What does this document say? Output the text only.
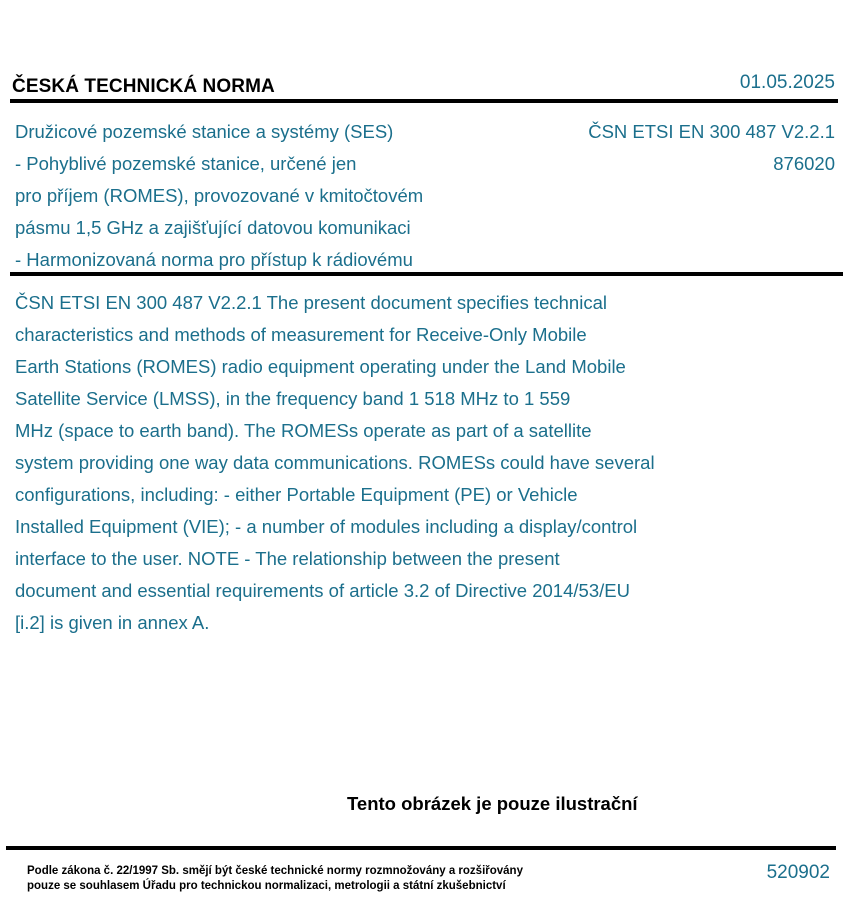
ČESKÁ TECHNICKÁ NORMA	01.05.2025
Družicové pozemské stanice a systémy (SES)
- Pohyblivé pozemské stanice, určené jen
pro příjem (ROMES), provozované v kmitočtovém
pásmu 1,5 GHz a zajišťující datovou komunikaci
- Harmonizovaná norma pro přístup k rádiovému
ČSN ETSI EN 300 487 V2.2.1
876020
ČSN ETSI EN 300 487 V2.2.1 The present document specifies technical
characteristics and methods of measurement for Receive-Only Mobile
Earth Stations (ROMES) radio equipment operating under the Land Mobile
Satellite Service (LMSS), in the frequency band 1 518 MHz to 1 559
MHz (space to earth band). The ROMESs operate as part of a satellite
system providing one way data communications. ROMESs could have several
configurations, including: - either Portable Equipment (PE) or Vehicle
Installed Equipment (VIE); - a number of modules including a display/control
interface to the user. NOTE - The relationship between the present
document and essential requirements of article 3.2 of Directive 2014/53/EU
[i.2] is given in annex A.
Tento obrázek je pouze ilustrační
Podle zákona č. 22/1997 Sb. smějí být české technické normy rozmnožovány a rozšiřovány
pouze se souhlasem Úřadu pro technickou normalizaci, metrologii a státní zkušebnictví
520902
